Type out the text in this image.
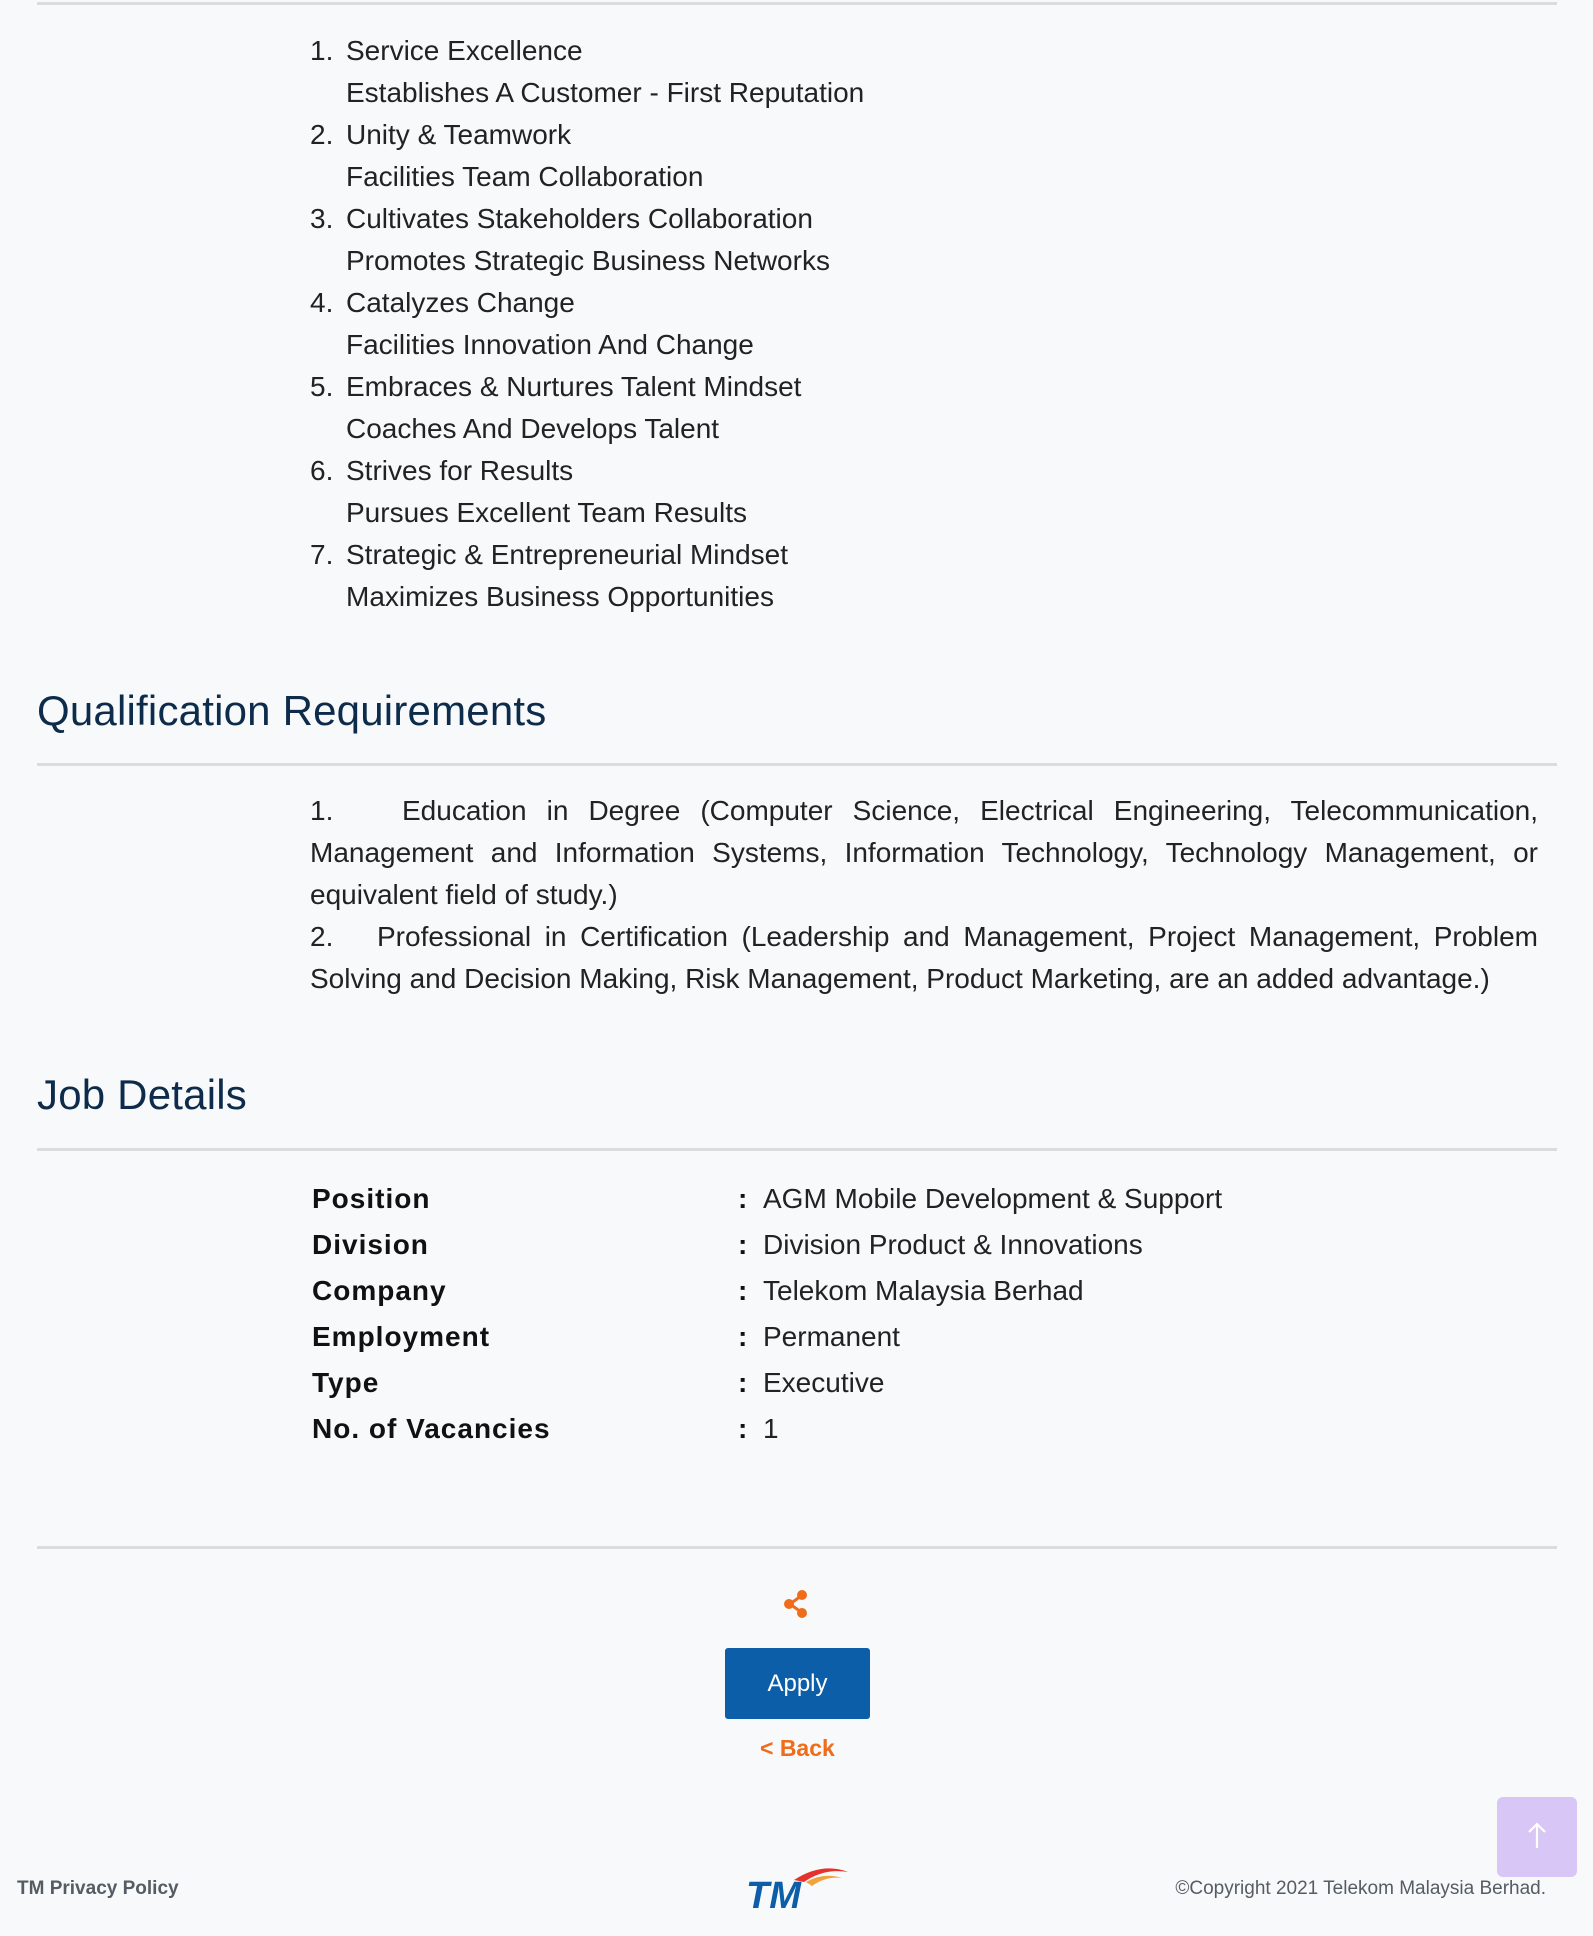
1. Service Excellence
Establishes A Customer - First Reputation
2. Unity & Teamwork
Facilities Team Collaboration
3. Cultivates Stakeholders Collaboration
Promotes Strategic Business Networks
4. Catalyzes Change
Facilities Innovation And Change
5. Embraces & Nurtures Talent Mindset
Coaches And Develops Talent
6. Strives for Results
Pursues Excellent Team Results
7. Strategic & Entrepreneurial Mindset
Maximizes Business Opportunities
Qualification Requirements

1. Education in Degree (Computer Science, Electrical Engineering, Telecommunication, Management and Information Systems, Information Technology, Technology Management, or equivalent field of study.)

2. Professional in Certification (Leadership and Management, Project Management, Problem Solving and Decision Making, Risk Management, Product Marketing, are an added advantage.)

Job Details
Position	: AGM Mobile Development & Support
Division	: Division Product & Innovations
Company	: Telekom Malaysia Berhad
Employment	: Permanent
Type	: Executive
No. of Vacancies	: 1
Apply
< Back
TM Privacy Policy	TM	©Copyright 2021 Telekom Malaysia Berhad.
